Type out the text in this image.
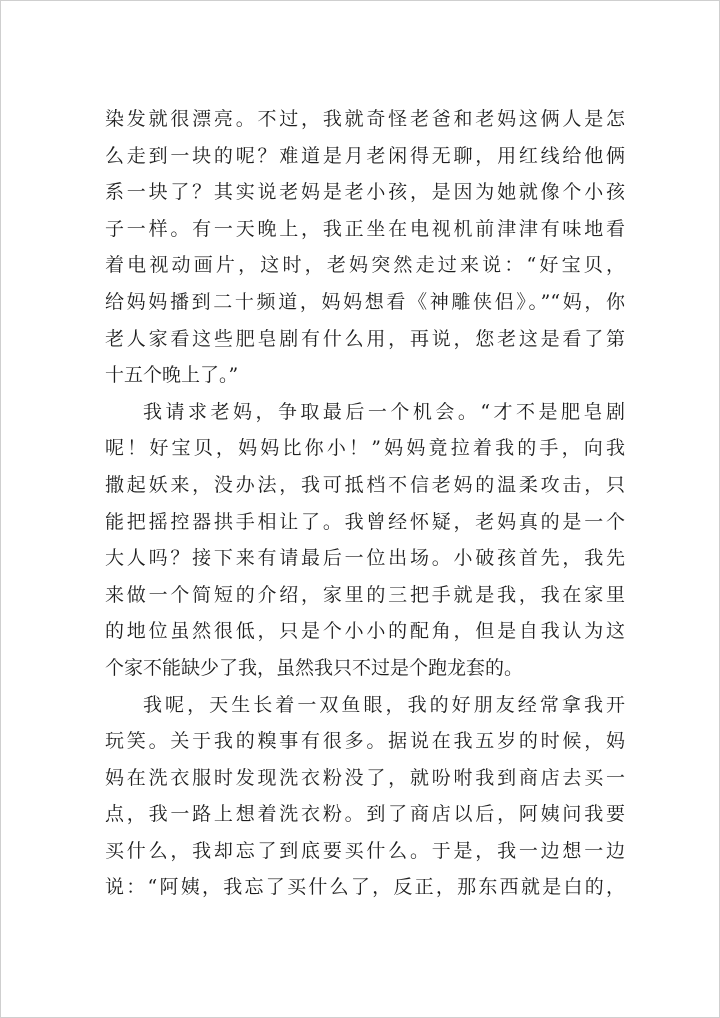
染发就很漂亮。不过，我就奇怪老爸和老妈这俩人是怎
么走到一块的呢？难道是月老闲得无聊，用红线给他俩
系一块了？其实说老妈是老小孩，是因为她就像个小孩
子一样。有一天晚上，我正坐在电视机前津津有味地看
着电视动画片，这时，老妈突然走过来说：“好宝贝，
给妈妈播到二十频道，妈妈想看《神雕侠侣》。”“妈，你
老人家看这些肥皂剧有什么用，再说，您老这是看了第
十五个晚上了。”
我请求老妈，争取最后一个机会。“才不是肥皂剧
呢！好宝贝，妈妈比你小！”妈妈竟拉着我的手，向我
撒起妖来，没办法，我可抵档不信老妈的温柔攻击，只
能把摇控器拱手相让了。我曾经怀疑，老妈真的是一个
大人吗？接下来有请最后一位出场。小破孩首先，我先
来做一个简短的介绍，家里的三把手就是我，我在家里
的地位虽然很低，只是个小小的配角，但是自我认为这
个家不能缺少了我，虽然我只不过是个跑龙套的。
我呢，天生长着一双鱼眼，我的好朋友经常拿我开
玩笑。关于我的糗事有很多。据说在我五岁的时候，妈
妈在洗衣服时发现洗衣粉没了，就吩咐我到商店去买一
点，我一路上想着洗衣粉。到了商店以后，阿姨问我要
买什么，我却忘了到底要买什么。于是，我一边想一边
说：“阿姨，我忘了买什么了，反正，那东西就是白的，
